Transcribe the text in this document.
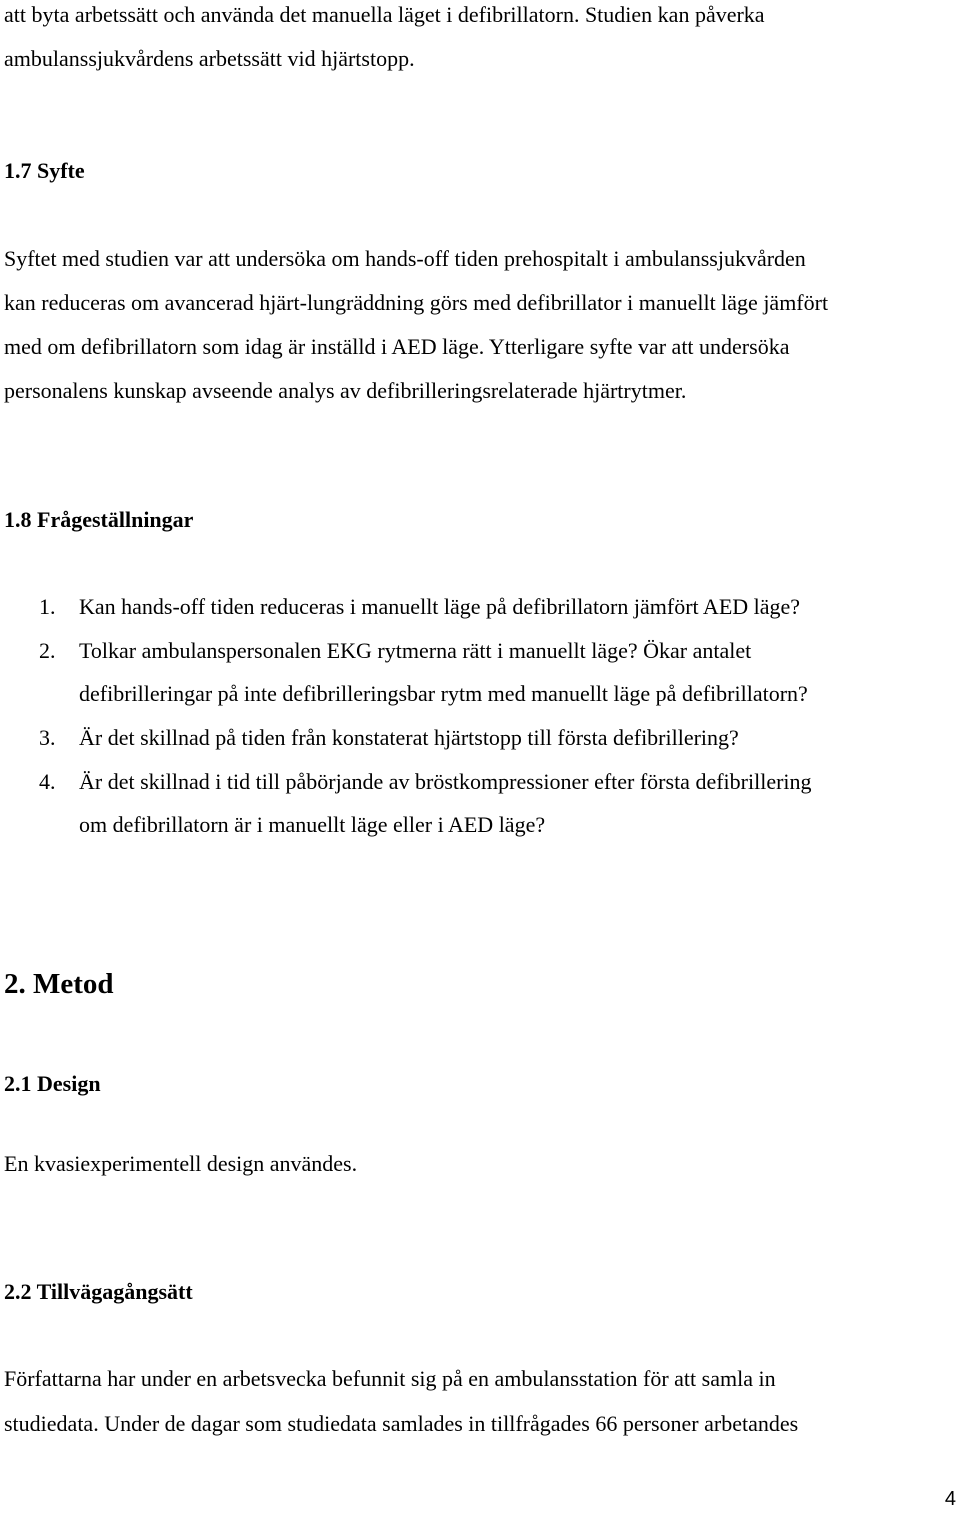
att byta arbetssätt och använda det manuella läget i defibrillatorn. Studien kan påverka
ambulanssjukvårdens arbetssätt vid hjärtstopp.
1.7 Syfte
Syftet med studien var att undersöka om hands-off tiden prehospitalt i ambulanssjukvården
kan reduceras om avancerad hjärt-lungräddning görs med defibrillator i manuellt läge jämfört
med om defibrillatorn som idag är inställd i AED läge. Ytterligare syfte var att undersöka
personalens kunskap avseende analys av defibrilleringsrelaterade hjärtrytmer.
1.8 Frågeställningar
1. Kan hands-off tiden reduceras i manuellt läge på defibrillatorn jämfört AED läge?
2. Tolkar ambulanspersonalen EKG rytmerna rätt i manuellt läge? Ökar antalet
defibrilleringar på inte defibrilleringsbar rytm med manuellt läge på defibrillatorn?
3. Är det skillnad på tiden från konstaterat hjärtstopp till första defibrillering?
4. Är det skillnad i tid till påbörjande av bröstkompressioner efter första defibrillering
om defibrillatorn är i manuellt läge eller i AED läge?
2. Metod
2.1 Design
En kvasiexperimentell design användes.
2.2 Tillvägagångsätt
Författarna har under en arbetsvecka befunnit sig på en ambulansstation för att samla in
studiedata. Under de dagar som studiedata samlades in tillfrågades 66 personer arbetandes
4
